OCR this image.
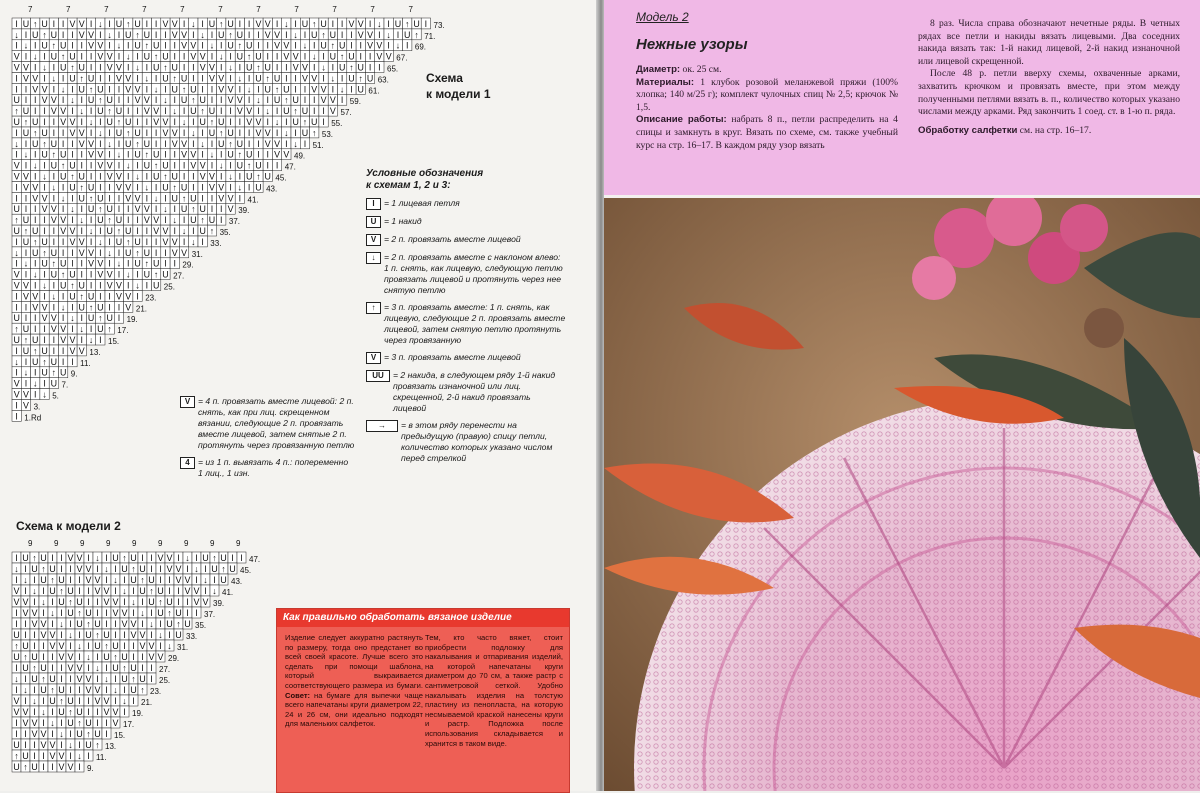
7	7	7	7	7	7	7	7	7	7	7
I U ↑ U I I V V I ↓ I U ↑ U I I V V I ↓ I U ↑ U I I V V I ↓ I U ↑ U I I V V I ↓ I U ↑ U I 73.
↓ I U ↑ U I I V V I ↓ I U ↑ U I I V V I ↓ I U ↑ U I I V V I ↓ I U ↑ U I I V V I ↓ I U ↑ 71.
I ↓ I U ↑ U I I V V I ↓ I U ↑ U I I V V I ↓ I U ↑ U I I V V I ↓ I U ↑ U I I V V I ↓ I 69.
V I ↓ I U ↑ U I I V V I ↓ I U ↑ U I I V V I ↓ I U ↑ U I I V V I ↓ I U ↑ U I I V V 67.
V V I ↓ I U ↑ U I I V V I ↓ I U ↑ U I I V V I ↓ I U ↑ U I I V V I ↓ I U ↑ U I I 65.
I V V I ↓ I U ↑ U I I V V I ↓ I U ↑ U I I V V I ↓ I U ↑ U I I V V I ↓ I U ↑ U 63.
I I V V I ↓ I U ↑ U I I V V I ↓ I U ↑ U I I V V I ↓ I U ↑ U I I V V I ↓ I U 61.
U I I V V I ↓ I U ↑ U I I V V I ↓ I U ↑ U I I V V I ↓ I U ↑ U I I V V I 59.
↑ U I I V V I ↓ I U ↑ U I I V V I ↓ I U ↑ U I I V V I ↓ I U ↑ U I I V 57.
U ↑ U I I V V I ↓ I U ↑ U I I V V I ↓ I U ↑ U I I V V I ↓ I U ↑ U I 55.
I U ↑ U I I V V I ↓ I U ↑ U I I V V I ↓ I U ↑ U I I V V I ↓ I U ↑ 53.
↓ I U ↑ U I I V V I ↓ I U ↑ U I I V V I ↓ I U ↑ U I I V V I ↓ I 51.
I ↓ I U ↑ U I I V V I ↓ I U ↑ U I I V V I ↓ I U ↑ U I I V V 49.
V I ↓ I U ↑ U I I V V I ↓ I U ↑ U I I V V I ↓ I U ↑ U I I 47.
V V I ↓ I U ↑ U I I V V I ↓ I U ↑ U I I V V I ↓ I U ↑ U 45.
I V V I ↓ I U ↑ U I I V V I ↓ I U ↑ U I I V V I ↓ I U 43.
I I V V I ↓ I U ↑ U I I V V I ↓ I U ↑ U I I V V I 41.
U I I V V I ↓ I U ↑ U I I V V I ↓ I U ↑ U I I V 39.
↑ U I I V V I ↓ I U ↑ U I I V V I ↓ I U ↑ U I 37.
U ↑ U I I V V I ↓ I U ↑ U I I V V I ↓ I U ↑ 35.
I U ↑ U I I V V I ↓ I U ↑ U I I V V I ↓ I 33.
↓ I U ↑ U I I V V I ↓ I U ↑ U I I V V 31.
I ↓ I U ↑ U I I V V I ↓ I U ↑ U I I 29.
V I ↓ I U ↑ U I I V V I ↓ I U ↑ U 27.
V V I ↓ I U ↑ U I I V V I ↓ I U 25.
I V V I ↓ I U ↑ U I I V V I 23.
I I V V I ↓ I U ↑ U I I V 21.
U I I V V I ↓ I U ↑ U I 19.
↑ U I I V V I ↓ I U ↑ 17.
U ↑ U I I V V I ↓ I 15.
I U ↑ U I I V V 13.
↓ I U ↑ U I I 11.
I ↓ I U ↑ U 9.
V I ↓ I U 7.
V V I ↓ 5.
I V 3.
I 1.Rd
Схема
к модели 1
Условные обозначения
к схемам 1, 2 и 3:
I	= 1 лицевая петля
U = 1 накид
V = 2 п. провязать вместе лицевой
↓ = 2 п. провязать вместе с наклоном влево: 1 п. снять, как лицевую, следующую петлю провязать лицевой и протянуть через нее снятую петлю
↑ = 3 п. провязать вместе: 1 п. снять, как лицевую, следующие 2 п. провязать вместе лицевой, затем снятую петлю протянуть через провязанную
V = 3 п. провязать вместе лицевой
UU	= 2 накида, в следующем ряду 1-й накид провязать изнаночной или лиц. скрещенной, 2-й накид провязать лицевой
→	= в этом ряду перенести на предыдущую (правую) спицу петли, количество которых указано числом перед стрелкой
V = 4 п. провязать вместе лицевой: 2 п. снять, как при лиц. скрещенном вязании, следующие 2 п. провязать вместе лицевой, затем снятые 2 п. протянуть через провязанную петлю
4 = из 1 п. вывязать 4 п.: попеременно 1 лиц., 1 изн.
Схема к модели 2
9	9	9	9	9	9	9	9	9
I U ↑ U I I V V I ↓ I U ↑ U I I V V I ↓ I U ↑ U I I 47.
↓ I U ↑ U I I V V I ↓ I U ↑ U I I V V I ↓ I U ↑ U 45.
I ↓ I U ↑ U I I V V I ↓ I U ↑ U I I V V I ↓ I U 43.
V I ↓ I U ↑ U I I V V I ↓ I U ↑ U I I V V I ↓ 41.
V V I ↓ I U ↑ U I I V V I ↓ I U ↑ U I I V V 39.
I V V I ↓ I U ↑ U I I V V I ↓ I U ↑ U I I 37.
I I V V I ↓ I U ↑ U I I V V I ↓ I U ↑ U 35.
U I I V V I ↓ I U ↑ U I I V V I ↓ I U 33.
↑ U I I V V I ↓ I U ↑ U I I V V I ↓ 31.
U ↑ U I I V V I ↓ I U ↑ U I I V V 29.
I U ↑ U I I V V I ↓ I U ↑ U I I 27.
↓ I U ↑ U I I V V I ↓ I U ↑ U I 25.
I ↓ I U ↑ U I I V V I ↓ I U ↑ 23.
V I ↓ I U ↑ U I I V V I ↓ I 21.
V V I ↓ I U ↑ U I I V V I 19.
I V V I ↓ I U ↑ U I I V 17.
I I V V I ↓ I U ↑ U I 15.
U I I V V I ↓ I U ↑ 13.
↑ U I I V V I ↓ I 11.
U ↑ U I I V V I 9.
Как правильно обработать вязаное изделие
Изделие следует аккуратно растянуть по размеру, тогда оно предстанет во всей своей красоте. Лучше всего это сделать при помощи шаблона, который выкраивается соответствующего размера из бумаги. Совет: на бумаге для выпечки чаще всего напечатаны круги диаметром 22, 24 и 26 см, они идеально подходят для маленьких салфеток.
Тем, кто часто вяжет, стоит приобрести подложку для накалывания и отпаривания изделий, на которой напечатаны круги диаметром до 70 см, а также растр с сантиметровой сеткой. Удобно накалывать изделия на толстую пластину из пенопласта, на которую несмываемой краской нанесены круги и растр. Подложка после использования складывается и хранится в таком виде.
Модель 2
Нежные узоры

Диаметр: ок. 25 см.

Материалы: 1 клубок розовой меланжевой пряжи (100% хлопка; 140 м/25 г); комплект чулочных спиц № 2,5; крючок № 1,5.

Описание работы: набрать 8 п., петли распределить на 4 спицы и замкнуть в круг. Вязать по схеме, см. также учебный курс на стр. 16–17. В каждом ряду узор вязать

8 раз. Числа справа обозначают нечетные ряды. В четных рядах все петли и накиды вязать лицевыми. Два соседних накида вязать так: 1-й накид лицевой, 2-й накид изнаночной или лицевой скрещенной.

После 48 р. петли вверху схемы, охваченные арками, захватить крючком и провязать вместе, при этом между полученными петлями вязать в. п., количество которых указано числами между арками. Ряд закончить 1 соед. ст. в 1-ю п. ряда.

Обработку салфетки см. на стр. 16–17.
